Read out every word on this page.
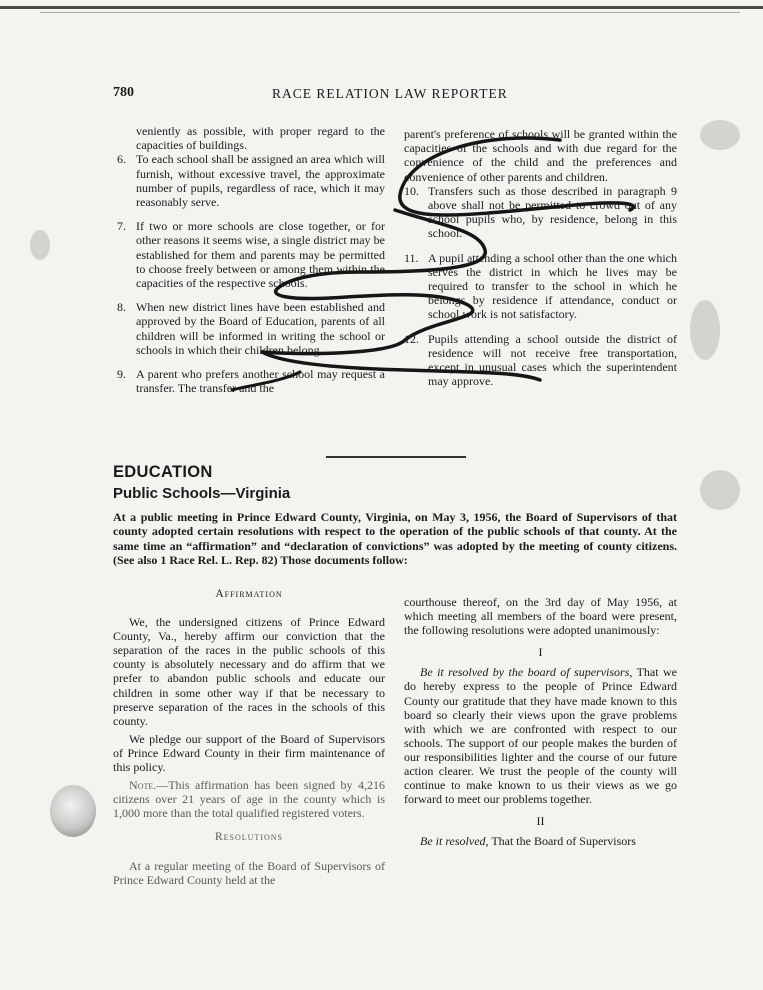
780	RACE RELATION LAW REPORTER

veniently as possible, with proper regard to the capacities of buildings.

6. To each school shall be assigned an area which will furnish, without excessive travel, the approximate number of pupils, regardless of race, which it may reasonably serve.
7. If two or more schools are close together, or for other reasons it seems wise, a single district may be established for them and parents may be permitted to choose freely between or among them within the capacities of the respective schools.
8. When new district lines have been established and approved by the Board of Education, parents of all children will be informed in writing the school or schools in which their children belong.
9. A parent who prefers another school may request a transfer. The transfer and the

parent's preference of schools will be granted within the capacities of the schools and with due regard for the convenience of the child and the preferences and convenience of other parents and children.

10. Transfers such as those described in paragraph 9 above shall not be permitted to crowd out of any school pupils who, by residence, belong in this school.
11. A pupil attending a school other than the one which serves the district in which he lives may be required to transfer to the school in which he belongs by residence if attendance, conduct or school work is not satisfactory.
12. Pupils attending a school outside the district of residence will not receive free transportation, except in unusual cases which the superintendent may approve.
EDUCATION
Public Schools—Virginia
At a public meeting in Prince Edward County, Virginia, on May 3, 1956, the Board of Supervisors of that county adopted certain resolutions with respect to the operation of the public schools of that county. At the same time an “affirmation” and “declaration of convictions” was adopted by the meeting of county citizens. (See also 1 Race Rel. L. Rep. 82) Those documents follow:

Affirmation

We, the undersigned citizens of Prince Edward County, Va., hereby affirm our conviction that the separation of the races in the public schools of this county is absolutely necessary and do affirm that we prefer to abandon public schools and educate our children in some other way if that be necessary to preserve separation of the races in the schools of this county.

We pledge our support of the Board of Supervisors of Prince Edward County in their firm maintenance of this policy.

Note.—This affirmation has been signed by 4,216 citizens over 21 years of age in the county which is 1,000 more than the total qualified registered voters.

Resolutions

At a regular meeting of the Board of Supervisors of Prince Edward County held at the

courthouse thereof, on the 3rd day of May 1956, at which meeting all members of the board were present, the following resolutions were adopted unanimously:

I

Be it resolved by the board of supervisors, That we do hereby express to the people of Prince Edward County our gratitude that they have made known to this board so clearly their views upon the grave problems with which we are confronted with respect to our schools. The support of our people makes the burden of our responsibilities lighter and the course of our future action clearer. We trust the people of the county will continue to make known to us their views as we go forward to meet our problems together.

II

Be it resolved, That the Board of Supervisors
